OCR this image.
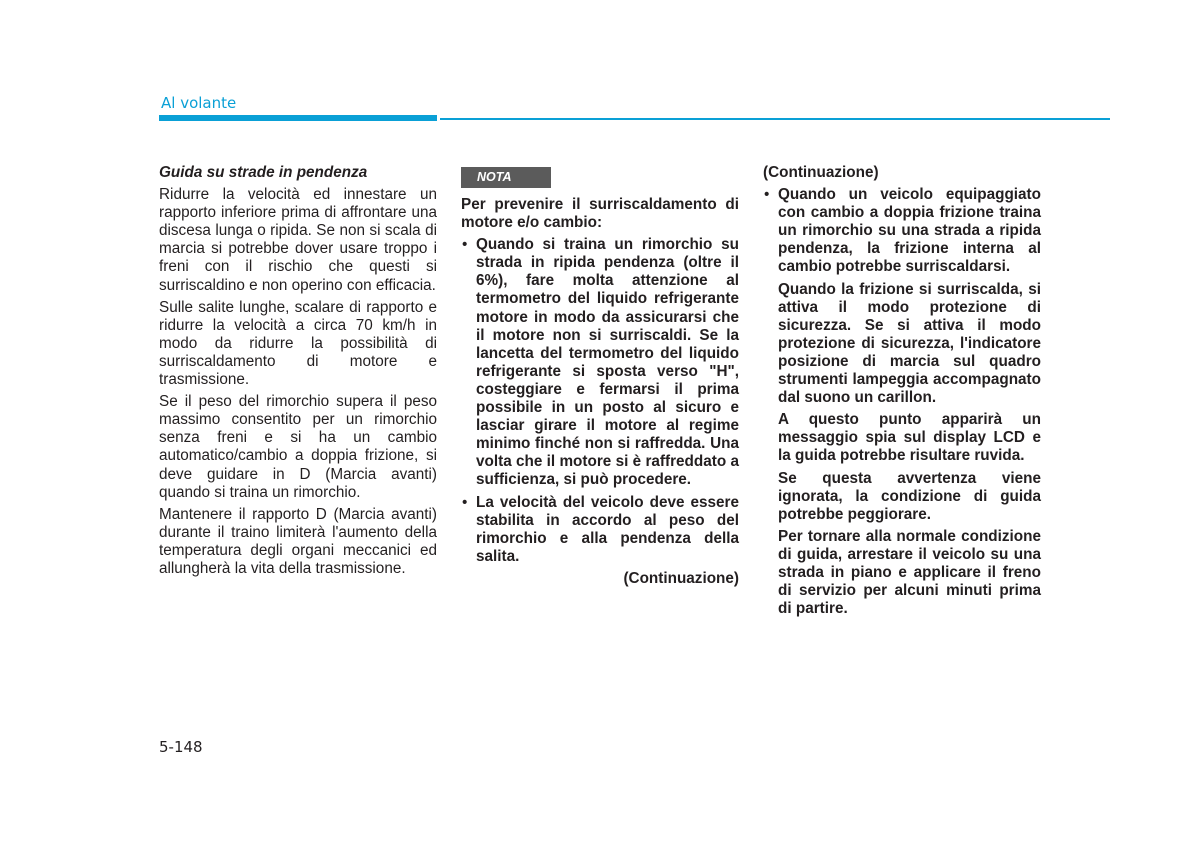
Al volante
Guida su strade in pendenza

Ridurre la velocità ed innestare un rapporto inferiore prima di affrontare una discesa lunga o ripida. Se non si scala di marcia si potrebbe dover usare troppo i freni con il rischio che questi si surriscaldino e non operino con efficacia.

Sulle salite lunghe, scalare di rapporto e ridurre la velocità a circa 70 km/h in modo da ridurre la possibilità di surriscaldamento di motore e trasmissione.

Se il peso del rimorchio supera il peso massimo consentito per un rimorchio senza freni e si ha un cambio automatico/cambio a doppia frizione, si deve guidare in D (Marcia avanti) quando si traina un rimorchio.

Mantenere il rapporto D (Marcia avanti) durante il traino limiterà l'aumento della temperatura degli organi meccanici ed allungherà la vita della trasmissione.

NOTA

Per prevenire il surriscaldamento di motore e/o cambio:

• Quando si traina un rimorchio su strada in ripida pendenza (oltre il 6%), fare molta attenzione al termometro del liquido refrigerante motore in modo da assicurarsi che il motore non si surriscaldi. Se la lancetta del termometro del liquido refrigerante si sposta verso "H", costeggiare e fermarsi il prima possibile in un posto al sicuro e lasciar girare il motore al regime minimo finché non si raffredda. Una volta che il motore si è raffreddato a sufficienza, si può procedere.
• La velocità del veicolo deve essere stabilita in accordo al peso del rimorchio e alla pendenza della salita.
(Continuazione)
(Continuazione)
• Quando un veicolo equipaggiato con cambio a doppia frizione traina un rimorchio su una strada a ripida pendenza, la frizione interna al cambio potrebbe surriscaldarsi.

Quando la frizione si surriscalda, si attiva il modo protezione di sicurezza. Se si attiva il modo protezione di sicurezza, l'indicatore posizione di marcia sul quadro strumenti lampeggia accompagnato dal suono un carillon.

A questo punto apparirà un messaggio spia sul display LCD e la guida potrebbe risultare ruvida.

Se questa avvertenza viene ignorata, la condizione di guida potrebbe peggiorare.

Per tornare alla normale condizione di guida, arrestare il veicolo su una strada in piano e applicare il freno di servizio per alcuni minuti prima di partire.

5-148
